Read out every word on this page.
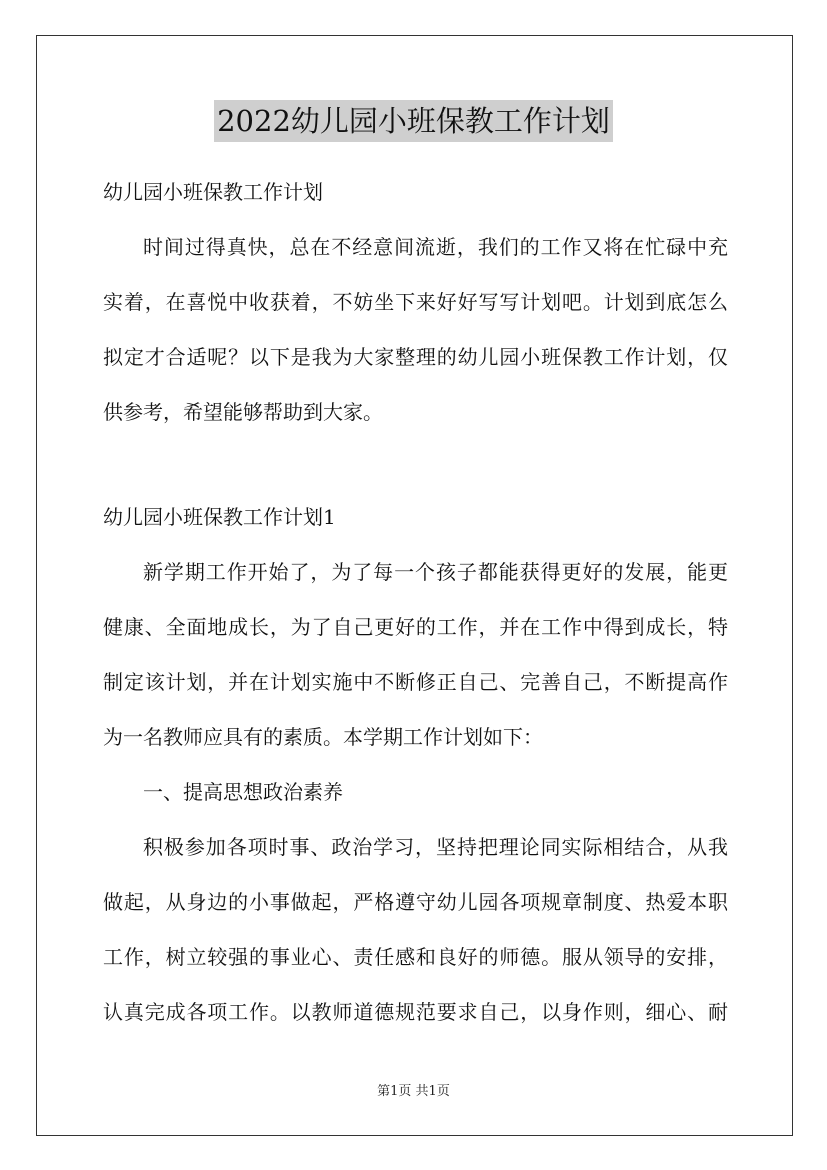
2022幼儿园小班保教工作计划
幼儿园小班保教工作计划
时间过得真快，总在不经意间流逝，我们的工作又将在忙碌中充
实着，在喜悦中收获着，不妨坐下来好好写写计划吧。计划到底怎么
拟定才合适呢？以下是我为大家整理的幼儿园小班保教工作计划，仅
供参考，希望能够帮助到大家。
幼儿园小班保教工作计划1
新学期工作开始了，为了每一个孩子都能获得更好的发展，能更
健康、全面地成长，为了自己更好的工作，并在工作中得到成长，特
制定该计划，并在计划实施中不断修正自己、完善自己，不断提高作
为一名教师应具有的素质。本学期工作计划如下：
一、提高思想政治素养
积极参加各项时事、政治学习，坚持把理论同实际相结合，从我
做起，从身边的小事做起，严格遵守幼儿园各项规章制度、热爱本职
工作，树立较强的事业心、责任感和良好的师德。服从领导的安排，
认真完成各项工作。以教师道德规范要求自己，以身作则，细心、耐
第1页 共1页
